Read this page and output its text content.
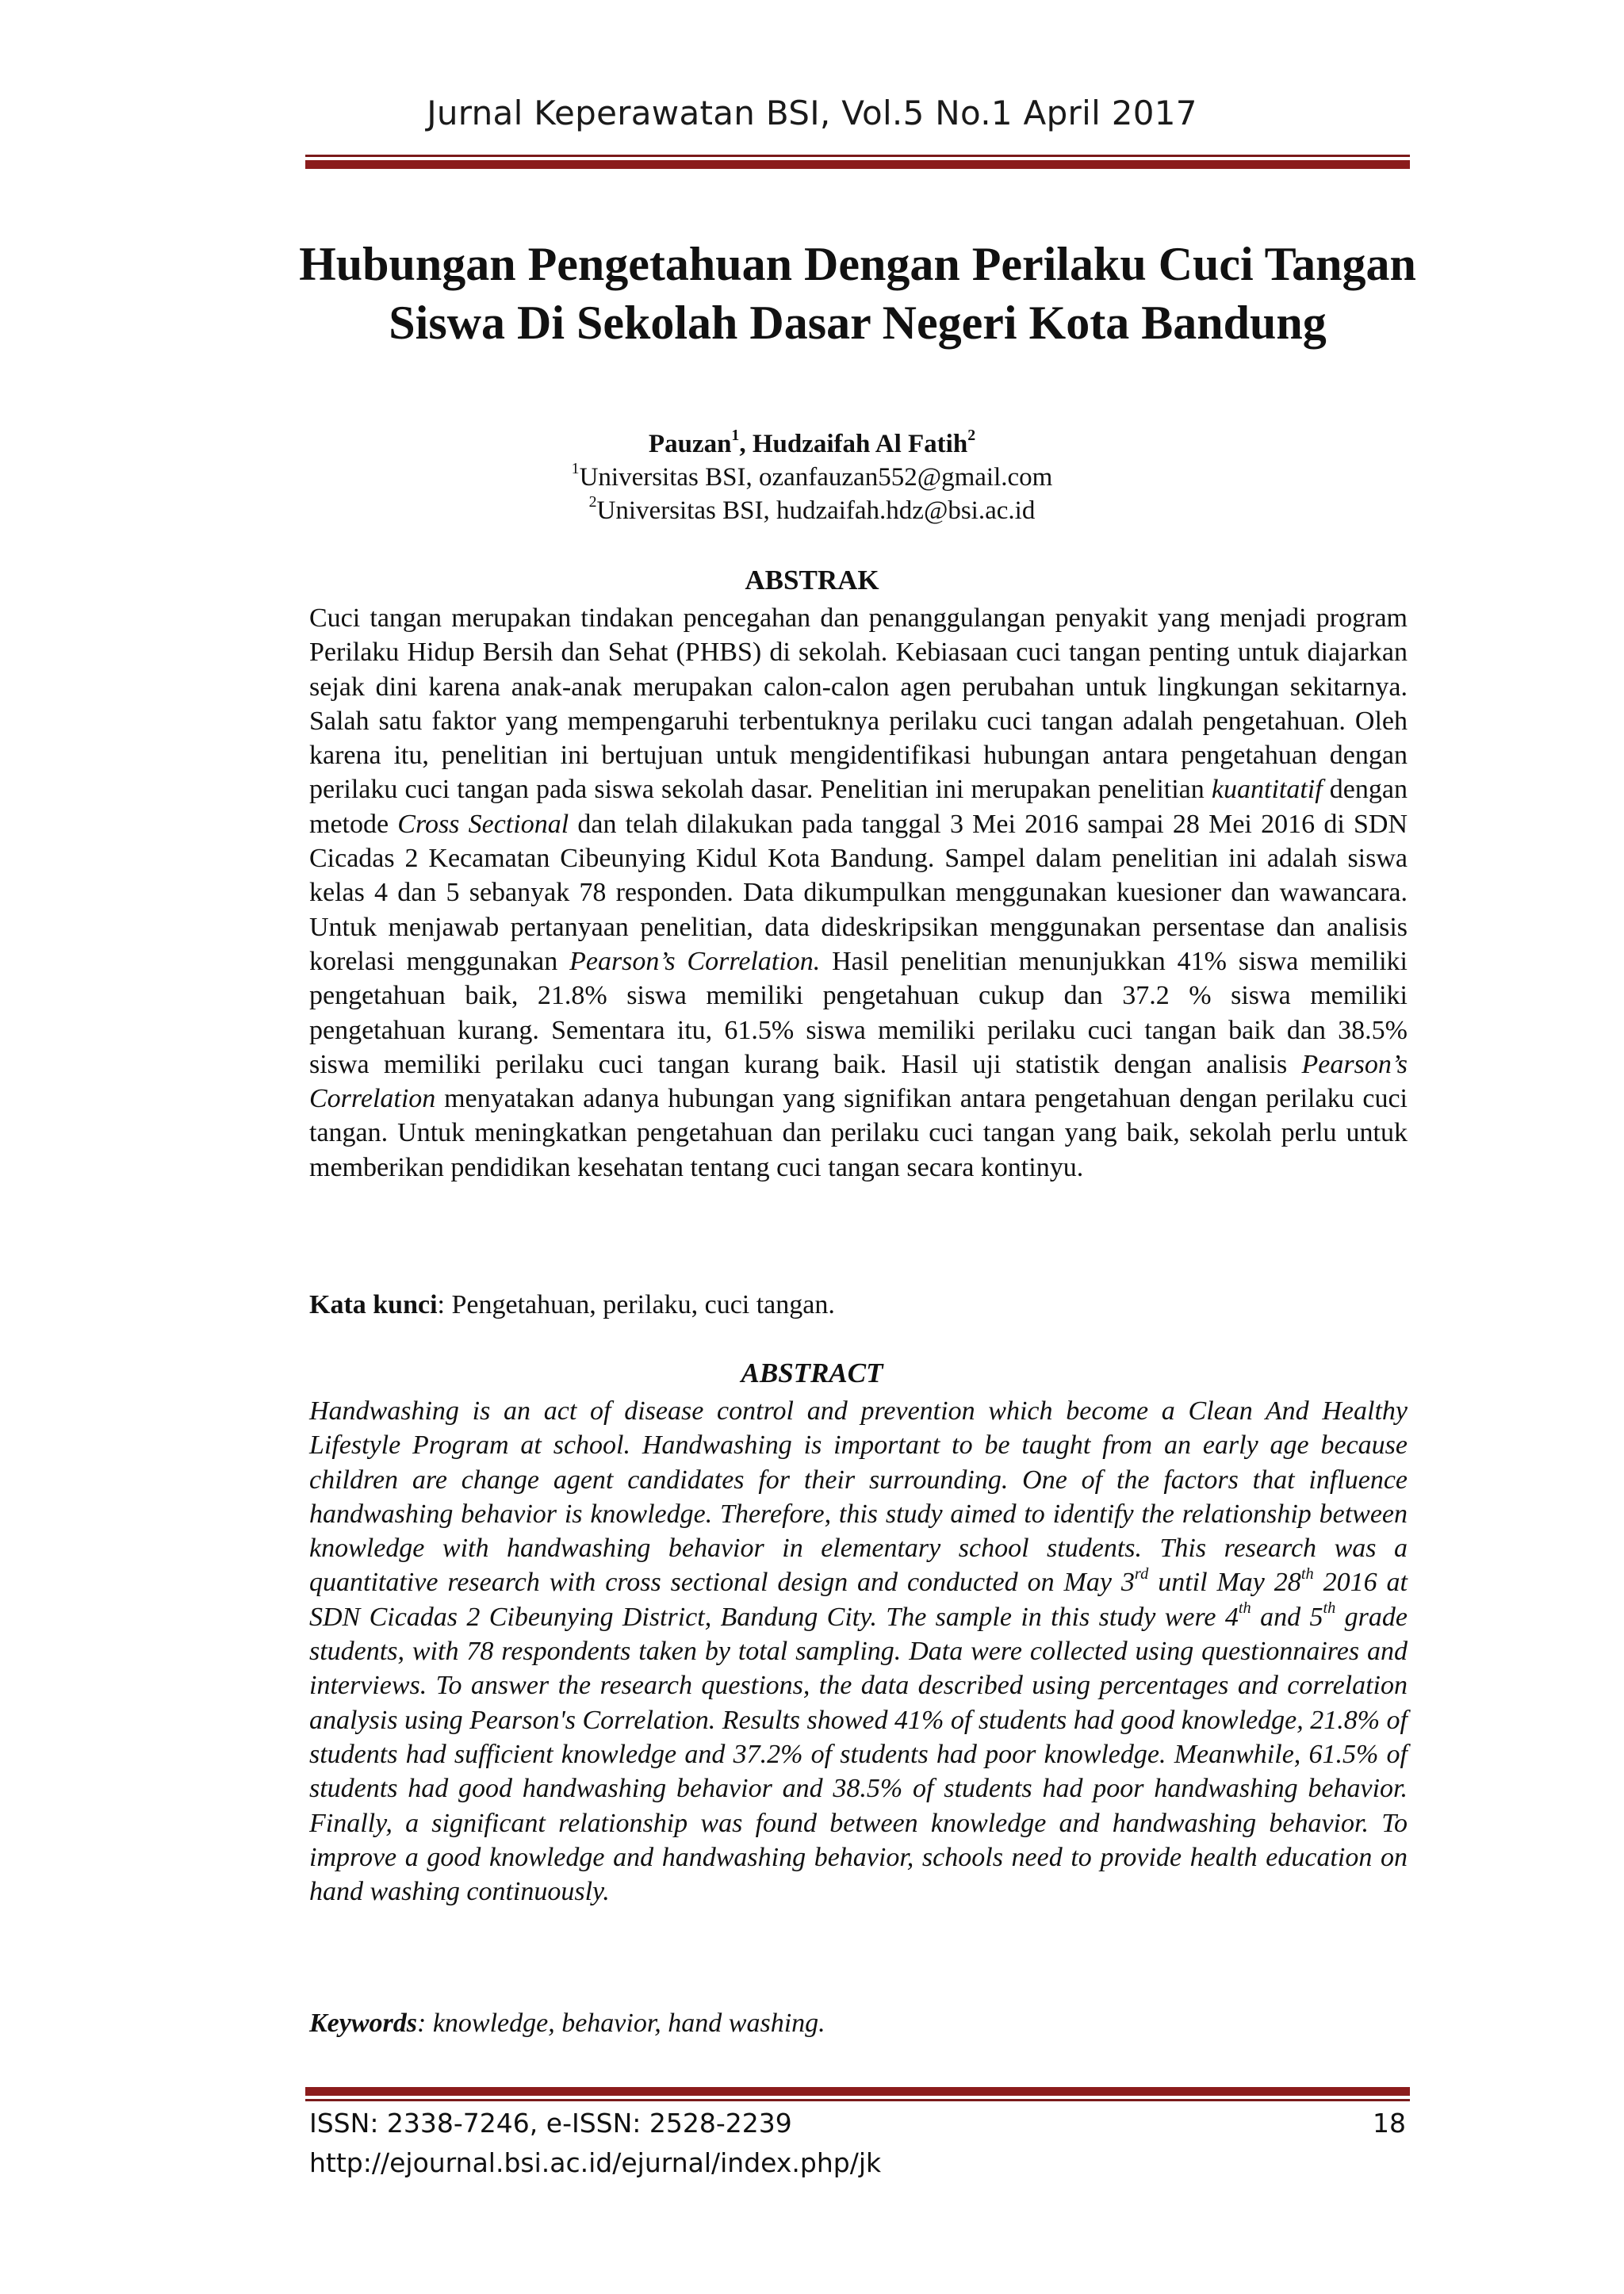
Jurnal Keperawatan BSI, Vol.5 No.1 April 2017
Hubungan Pengetahuan Dengan Perilaku Cuci Tangan Siswa Di Sekolah Dasar Negeri Kota Bandung
Pauzan$^1$, Hudzaifah Al Fatih$^2$
$^1$Universitas BSI, ozanfauzan552@gmail.com
$^2$Universitas BSI, hudzaifah.hdz@bsi.ac.id
ABSTRAK
Cuci tangan merupakan tindakan pencegahan dan penanggulangan penyakit yang menjadi program Perilaku Hidup Bersih dan Sehat (PHBS) di sekolah. Kebiasaan cuci tangan penting untuk diajarkan sejak dini karena anak-anak merupakan calon-calon agen perubahan untuk lingkungan sekitarnya. Salah satu faktor yang mempengaruhi terbentuknya perilaku cuci tangan adalah pengetahuan. Oleh karena itu, penelitian ini bertujuan untuk mengidentifikasi hubungan antara pengetahuan dengan perilaku cuci tangan pada siswa sekolah dasar. Penelitian ini merupakan penelitian kuantitatif dengan metode Cross Sectional dan telah dilakukan pada tanggal 3 Mei 2016 sampai 28 Mei 2016 di SDN Cicadas 2 Kecamatan Cibeunying Kidul Kota Bandung. Sampel dalam penelitian ini adalah siswa kelas 4 dan 5 sebanyak 78 responden. Data dikumpulkan menggunakan kuesioner dan wawancara. Untuk menjawab pertanyaan penelitian, data dideskripsikan menggunakan persentase dan analisis korelasi menggunakan Pearson’s Correlation. Hasil penelitian menunjukkan 41% siswa memiliki pengetahuan baik, 21.8% siswa memiliki pengetahuan cukup dan 37.2 % siswa memiliki pengetahuan kurang. Sementara itu, 61.5% siswa memiliki perilaku cuci tangan baik dan 38.5% siswa memiliki perilaku cuci tangan kurang baik. Hasil uji statistik dengan analisis Pearson’s Correlation menyatakan adanya hubungan yang signifikan antara pengetahuan dengan perilaku cuci tangan. Untuk meningkatkan pengetahuan dan perilaku cuci tangan yang baik, sekolah perlu untuk memberikan pendidikan kesehatan tentang cuci tangan secara kontinyu.
Kata kunci: Pengetahuan, perilaku, cuci tangan.
ABSTRACT
Handwashing is an act of disease control and prevention which become a Clean And Healthy Lifestyle Program at school. Handwashing is important to be taught from an early age because children are change agent candidates for their surrounding. One of the factors that influence handwashing behavior is knowledge. Therefore, this study aimed to identify the relationship between knowledge with handwashing behavior in elementary school students. This research was a quantitative research with cross sectional design and conducted on May 3rd until May 28th 2016 at SDN Cicadas 2 Cibeunying District, Bandung City. The sample in this study were 4th and 5th grade students, with 78 respondents taken by total sampling. Data were collected using questionnaires and interviews. To answer the research questions, the data described using percentages and correlation analysis using Pearson's Correlation. Results showed 41% of students had good knowledge, 21.8% of students had sufficient knowledge and 37.2% of students had poor knowledge. Meanwhile, 61.5% of students had good handwashing behavior and 38.5% of students had poor handwashing behavior. Finally, a significant relationship was found between knowledge and handwashing behavior. To improve a good knowledge and handwashing behavior, schools need to provide health education on hand washing continuously.
Keywords: knowledge, behavior, hand washing.
ISSN: 2338-7246, e-ISSN: 2528-2239
http://ejournal.bsi.ac.id/ejurnal/index.php/jk
18
